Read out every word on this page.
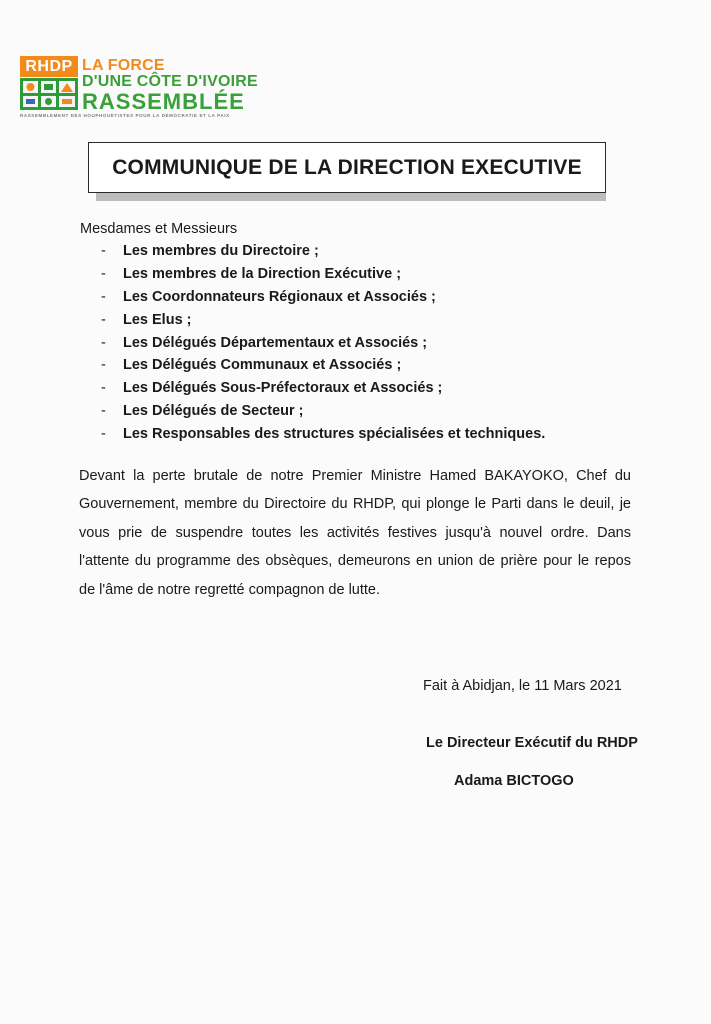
RHDP LA FORCE
D'UNE CÔTE D'IVOIRE
RASSEMBLÉE
RASSEMBLEMENT DES HOUPHOUËTISTES POUR LA DÉMOCRATIE ET LA PAIX
COMMUNIQUE DE LA DIRECTION EXECUTIVE
Mesdames et Messieurs
- Les membres du Directoire ;
- Les membres de la Direction Exécutive ;
- Les Coordonnateurs Régionaux et Associés ;
- Les Elus ;
- Les Délégués Départementaux et Associés ;
- Les Délégués Communaux et Associés ;
- Les Délégués Sous-Préfectoraux et Associés ;
- Les Délégués de Secteur ;
- Les Responsables des structures spécialisées et techniques.
Devant la perte brutale de notre Premier Ministre Hamed BAKAYOKO, Chef du Gouvernement, membre du Directoire du RHDP, qui plonge le Parti dans le deuil, je vous prie de suspendre toutes les activités festives jusqu'à nouvel ordre. Dans l'attente du programme des obsèques, demeurons en union de prière pour le repos de l'âme de notre regretté compagnon de lutte.
Fait à Abidjan, le 11 Mars 2021
Le Directeur Exécutif du RHDP
Adama BICTOGO
